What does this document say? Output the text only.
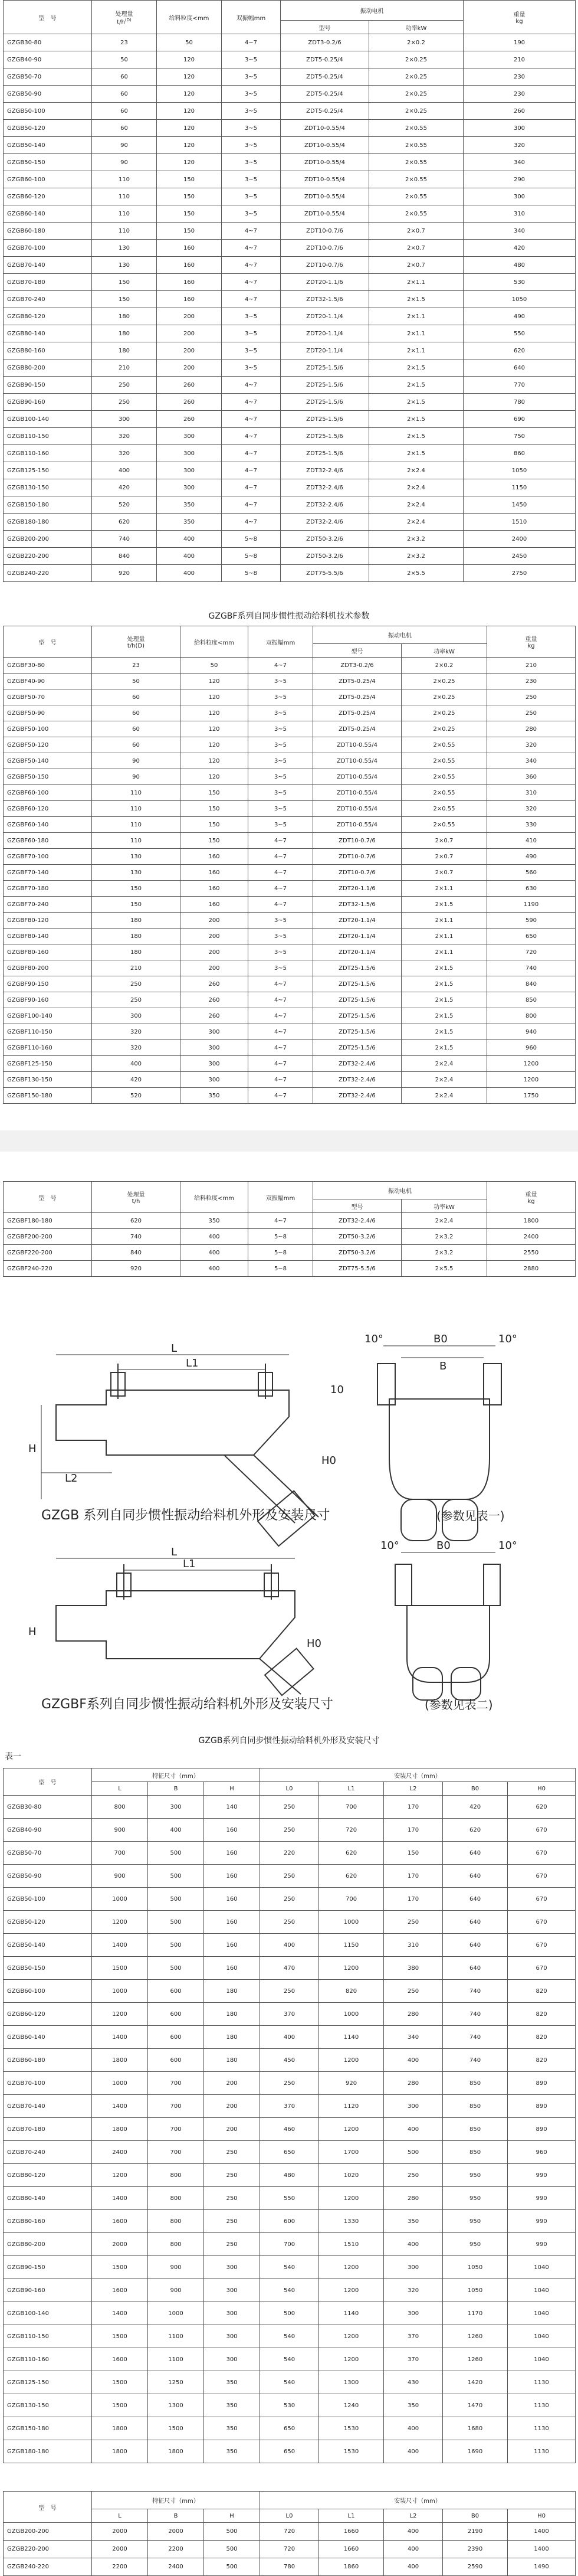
型　号	处理量
$t/h^{(D)}$	给料粒度<mm	双振幅mm	振动电机		重量
kg
				型号	功率kW	
GZGB30-80	23	50	4~7	ZDT3-0.2/6	2×0.2	190
GZGB40-90	50	120	3~5	ZDT5-0.25/4	2×0.25	210
GZGB50-70	60	120	3~5	ZDT5-0.25/4	2×0.25	230
GZGB50-90	60	120	3~5	ZDT5-0.25/4	2×0.25	230
GZGB50-100	60	120	3~5	ZDT5-0.25/4	2×0.25	260
GZGB50-120	60	120	3~5	ZDT10-0.55/4	2×0.55	300
GZGB50-140	90	120	3~5	ZDT10-0.55/4	2×0.55	320
GZGB50-150	90	120	3~5	ZDT10-0.55/4	2×0.55	340
GZGB60-100	110	150	3~5	ZDT10-0.55/4	2×0.55	290
GZGB60-120	110	150	3~5	ZDT10-0.55/4	2×0.55	300
GZGB60-140	110	150	3~5	ZDT10-0.55/4	2×0.55	310
GZGB60-180	110	150	4~7	ZDT10-0.7/6	2×0.7	340
GZGB70-100	130	160	4~7	ZDT10-0.7/6	2×0.7	420
GZGB70-140	130	160	4~7	ZDT10-0.7/6	2×0.7	480
GZGB70-180	150	160	4~7	ZDT20-1.1/6	2×1.1	530
GZGB70-240	150	160	4~7	ZDT32-1.5/6	2×1.5	1050
GZGB80-120	180	200	3~5	ZDT20-1.1/4	2×1.1	490
GZGB80-140	180	200	3~5	ZDT20-1.1/4	2×1.1	550
GZGB80-160	180	200	3~5	ZDT20-1.1/4	2×1.1	620
GZGB80-200	210	200	3~5	ZDT25-1.5/6	2×1.5	640
GZGB90-150	250	260	4~7	ZDT25-1.5/6	2×1.5	770
GZGB90-160	250	260	4~7	ZDT25-1.5/6	2×1.5	780
GZGB100-140	300	260	4~7	ZDT25-1.5/6	2×1.5	690
GZGB110-150	320	300	4~7	ZDT25-1.5/6	2×1.5	750
GZGB110-160	320	300	4~7	ZDT25-1.5/6	2×1.5	860
GZGB125-150	400	300	4~7	ZDT32-2.4/6	2×2.4	1050
GZGB130-150	420	300	4~7	ZDT32-2.4/6	2×2.4	1150
GZGB150-180	520	350	4~7	ZDT32-2.4/6	2×2.4	1450
GZGB180-180	620	350	4~7	ZDT32-2.4/6	2×2.4	1510
GZGB200-200	740	400	5~8	ZDT50-3.2/6	2×3.2	2400
GZGB220-200	840	400	5~8	ZDT50-3.2/6	2×3.2	2450
GZGB240-220	920	400	5~8	ZDT75-5.5/6	2×5.5	2750
GZGBF系列自同步惯性振动给料机技术参数
型　号	处理量
t/h(D)	给料粒度<mm	双振幅mm	振动电机		重量
kg
				型号	功率kW	
GZGBF30-80	23	50	4~7	ZDT3-0.2/6	2×0.2	210
GZGBF40-90	50	120	3~5	ZDT5-0.25/4	2×0.25	230
GZGBF50-70	60	120	3~5	ZDT5-0.25/4	2×0.25	250
GZGBF50-90	60	120	3~5	ZDT5-0.25/4	2×0.25	250
GZGBF50-100	60	120	3~5	ZDT5-0.25/4	2×0.25	280
GZGBF50-120	60	120	3~5	ZDT10-0.55/4	2×0.55	320
GZGBF50-140	90	120	3~5	ZDT10-0.55/4	2×0.55	340
GZGBF50-150	90	120	3~5	ZDT10-0.55/4	2×0.55	360
GZGBF60-100	110	150	3~5	ZDT10-0.55/4	2×0.55	310
GZGBF60-120	110	150	3~5	ZDT10-0.55/4	2×0.55	320
GZGBF60-140	110	150	3~5	ZDT10-0.55/4	2×0.55	330
GZGBF60-180	110	150	4~7	ZDT10-0.7/6	2×0.7	410
GZGBF70-100	130	160	4~7	ZDT10-0.7/6	2×0.7	490
GZGBF70-140	130	160	4~7	ZDT10-0.7/6	2×0.7	560
GZGBF70-180	150	160	4~7	ZDT20-1.1/6	2×1.1	630
GZGBF70-240	150	160	4~7	ZDT32-1.5/6	2×1.5	1190
GZGBF80-120	180	200	3~5	ZDT20-1.1/4	2×1.1	590
GZGBF80-140	180	200	3~5	ZDT20-1.1/4	2×1.1	650
GZGBF80-160	180	200	3~5	ZDT20-1.1/4	2×1.1	720
GZGBF80-200	210	200	3~5	ZDT25-1.5/6	2×1.5	740
GZGBF90-150	250	260	4~7	ZDT25-1.5/6	2×1.5	840
GZGBF90-160	250	260	4~7	ZDT25-1.5/6	2×1.5	850
GZGBF100-140	300	260	4~7	ZDT25-1.5/6	2×1.5	800
GZGBF110-150	320	300	4~7	ZDT25-1.5/6	2×1.5	940
GZGBF110-160	320	300	4~7	ZDT25-1.5/6	2×1.5	960
GZGBF125-150	400	300	4~7	ZDT32-2.4/6	2×2.4	1200
GZGBF130-150	420	300	4~7	ZDT32-2.4/6	2×2.4	1200
GZGBF150-180	520	350	4~7	ZDT32-2.4/6	2×2.4	1750
型　号	处理量
t/h	给料粒度<mm	双振幅mm	振动电机		重量
kg
				型号	功率kW	
GZGBF180-180	620	350	4~7	ZDT32-2.4/6	2×2.4	1800
GZGBF200-200	740	400	5~8	ZDT50-3.2/6	2×3.2	2400
GZGBF220-200	840	400	5~8	ZDT50-3.2/6	2×3.2	2550
GZGBF240-220	920	400	5~8	ZDT75-5.5/6	2×5.5	2880
L
L1
L2
H
H0
B0
B
10°	10°
L
L1
H
H0
B0
10°	10°
10
GZGB 系列自同步惯性振动给料机外形及安装尺寸	(参数见表一)
GZGBF系列自同步惯性振动给料机外形及安装尺寸	(参数见表二)
GZGB系列自同步惯性振动给料机外形及安装尺寸
表一
型　号	特征尺寸（mm）			安装尺寸（mm）				
	L	B	H	L0	L1	L2	B0	H0
GZGB30-80	800	300	140	250	700	170	420	620
GZGB40-90	900	400	160	250	720	170	620	670
GZGB50-70	700	500	160	220	620	150	640	670
GZGB50-90	900	500	160	250	620	170	640	670
GZGB50-100	1000	500	160	250	700	170	640	670
GZGB50-120	1200	500	160	250	1000	250	640	670
GZGB50-140	1400	500	160	400	1150	310	640	670
GZGB50-150	1500	500	160	470	1200	380	640	670
GZGB60-100	1000	600	180	250	820	250	740	820
GZGB60-120	1200	600	180	370	1000	280	740	820
GZGB60-140	1400	600	180	400	1140	340	740	820
GZGB60-180	1800	600	180	450	1200	400	740	820
GZGB70-100	1000	700	200	250	920	280	850	890
GZGB70-140	1400	700	200	370	1120	300	850	890
GZGB70-180	1800	700	200	460	1200	400	850	890
GZGB70-240	2400	700	250	650	1700	500	850	960
GZGB80-120	1200	800	250	480	1020	250	950	990
GZGB80-140	1400	800	250	550	1200	280	950	990
GZGB80-160	1600	800	250	600	1330	350	950	990
GZGB80-200	2000	800	250	700	1510	400	950	990
GZGB90-150	1500	900	300	540	1200	300	1050	1040
GZGB90-160	1600	900	300	540	1200	320	1050	1040
GZGB100-140	1400	1000	300	500	1140	300	1170	1040
GZGB110-150	1500	1100	300	540	1200	370	1260	1040
GZGB110-160	1600	1100	300	540	1200	370	1260	1040
GZGB125-150	1500	1250	350	540	1300	430	1420	1130
GZGB130-150	1500	1300	350	530	1240	350	1470	1130
GZGB150-180	1800	1500	350	650	1530	400	1680	1130
GZGB180-180	1800	1800	350	650	1530	400	1690	1130
型　号	特征尺寸（mm）			安装尺寸（mm）				
	L	B	H	L0	L1	L2	B0	H0
GZGB200-200	2000	2000	500	720	1660	400	2190	1400
GZGB220-200	2000	2200	500	720	1660	400	2390	1400
GZGB240-220	2200	2400	500	780	1860	400	2590	1490
